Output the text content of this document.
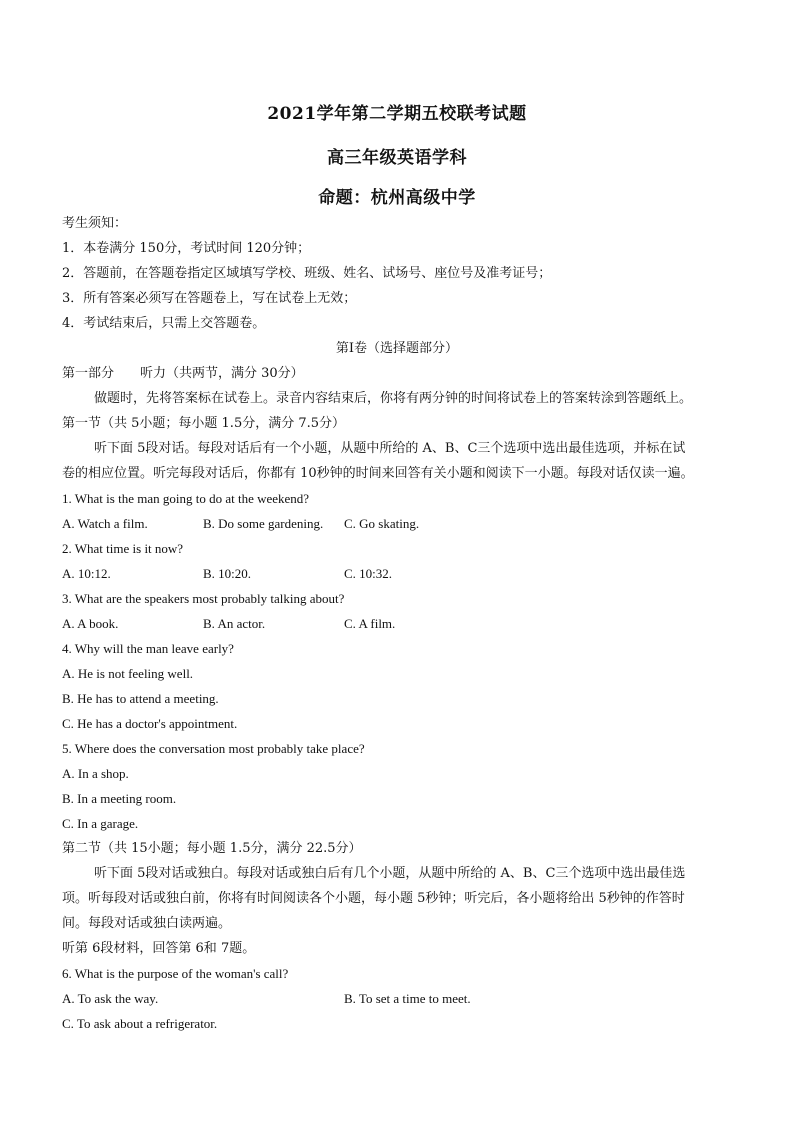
2021学年第二学期五校联考试题
高三年级英语学科
命题：杭州高级中学
考生须知：
1．本卷满分 150分，考试时间 120分钟；
2．答题前，在答题卷指定区域填写学校、班级、姓名、试场号、座位号及准考证号；
3．所有答案必须写在答题卷上，写在试卷上无效；
4．考试结束后，只需上交答题卷。
第Ⅰ卷（选择题部分）
第一部分　　听力（共两节，满分 30分）
做题时，先将答案标在试卷上。录音内容结束后，你将有两分钟的时间将试卷上的答案转涂到答题纸上。
第一节（共 5小题；每小题 1.5分，满分 7.5分）
听下面 5段对话。每段对话后有一个小题，从题中所给的 A、B、C三个选项中选出最佳选项，并标在试
卷的相应位置。听完每段对话后，你都有 10秒钟的时间来回答有关小题和阅读下一小题。每段对话仅读一遍。
1. What is the man going to do at the weekend?
A. Watch a film.	B. Do some gardening. C. Go skating.
2. What time is it now?
A. 10:12.	B. 10:20.	C. 10:32.
3. What are the speakers most probably talking about?
A. A book.	B. An actor.	C. A film.
4. Why will the man leave early?
A. He is not feeling well.
B. He has to attend a meeting.
C. He has a doctor's appointment.
5. Where does the conversation most probably take place?
A. In a shop.
B. In a meeting room.
C. In a garage.
第二节（共 15小题；每小题 1.5分，满分 22.5分）
听下面 5段对话或独白。每段对话或独白后有几个小题，从题中所给的 A、B、C三个选项中选出最佳选
项。听每段对话或独白前，你将有时间阅读各个小题，每小题 5秒钟；听完后，各小题将给出 5秒钟的作答时
间。每段对话或独白读两遍。
听第 6段材料，回答第 6和 7题。
6. What is the purpose of the woman's call?
A. To ask the way.	B. To set a time to meet.
C. To ask about a refrigerator.
